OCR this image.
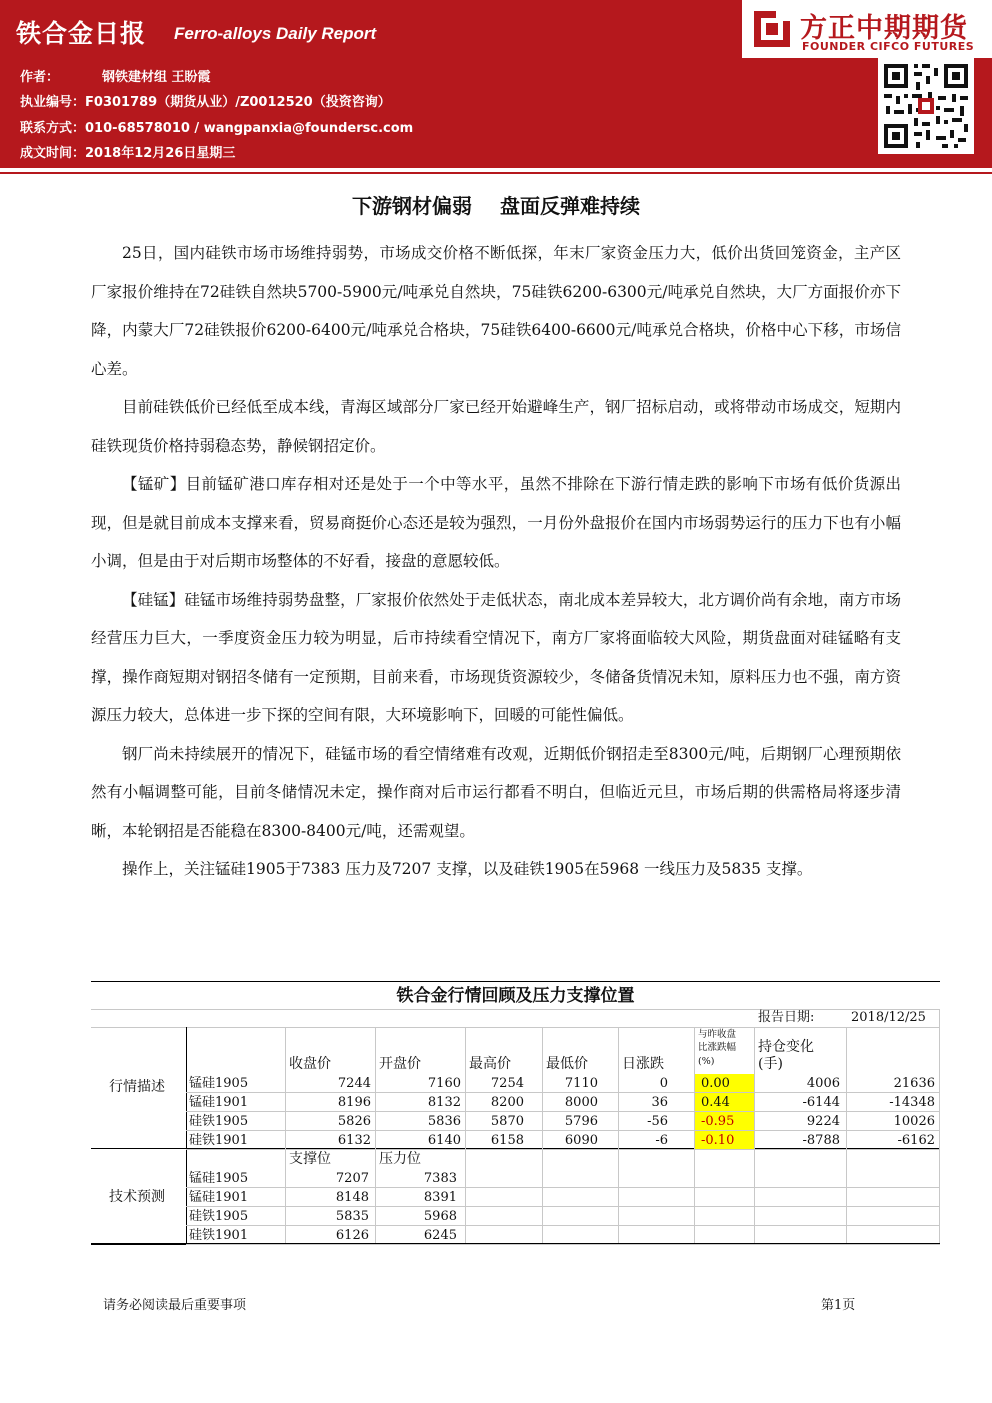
铁合金日报 Ferro-alloys Daily Report
作者：	钢铁建材组 王盼霞
执业编号：F0301789（期货从业）/Z0012520（投资咨询）
联系方式：010-68578010 / wangpanxia@foundersc.com
成文时间：2018年12月26日星期三
方正中期期货
FOUNDER CIFCO FUTURES
下游钢材偏弱 盘面反弹难持续

25日，国内硅铁市场市场维持弱势，市场成交价格不断低探，年末厂家资金压力大，低价出货回笼资金，主产区厂家报价维持在72硅铁自然块5700-5900元/吨承兑自然块，75硅铁6200-6300元/吨承兑自然块，大厂方面报价亦下降，内蒙大厂72硅铁报价6200-6400元/吨承兑合格块，75硅铁6400-6600元/吨承兑合格块，价格中心下移，市场信心差。

目前硅铁低价已经低至成本线，青海区域部分厂家已经开始避峰生产，钢厂招标启动，或将带动市场成交，短期内硅铁现货价格持弱稳态势，静候钢招定价。

【锰矿】目前锰矿港口库存相对还是处于一个中等水平，虽然不排除在下游行情走跌的影响下市场有低价货源出现，但是就目前成本支撑来看，贸易商挺价心态还是较为强烈，一月份外盘报价在国内市场弱势运行的压力下也有小幅小调，但是由于对后期市场整体的不好看，接盘的意愿较低。

【硅锰】硅锰市场维持弱势盘整，厂家报价依然处于走低状态，南北成本差异较大，北方调价尚有余地，南方市场经营压力巨大，一季度资金压力较为明显，后市持续看空情况下，南方厂家将面临较大风险，期货盘面对硅锰略有支撑，操作商短期对钢招冬储有一定预期，目前来看，市场现货资源较少，冬储备货情况未知，原料压力也不强，南方资源压力较大，总体进一步下探的空间有限，大环境影响下，回暖的可能性偏低。

钢厂尚未持续展开的情况下，硅锰市场的看空情绪难有改观，近期低价钢招走至8300元/吨，后期钢厂心理预期依然有小幅调整可能，目前冬储情况未定，操作商对后市运行都看不明白，但临近元旦，市场后期的供需格局将逐步清晰，本轮钢招是否能稳在8300-8400元/吨，还需观望。

操作上，关注锰硅1905于7383 压力及7207 支撑，以及硅铁1905在5968 一线压力及5835 支撑。

铁合金行情回顾及压力支撑位置
报告日期:	2018/12/25
行情描述
技术预测
收盘价	开盘价	最高价	最低价 日涨跌
与昨收盘
比涨跌幅
(%)
持仓变化
(手)
锰硅1905	7244	7160	7254	7110	0	0.00	4006	21636
锰硅1901	8196	8132	8200	8000	36	0.44	-6144	-14348
硅铁1905	5826	5836	5870	5796	-56	-0.95	9224	10026
硅铁1901	6132	6140	6158	6090	-6	-0.10	-8788	-6162
支撑位	压力位
锰硅1905	7207	7383
锰硅1901	8148	8391
硅铁1905	5835	5968
硅铁1901	6126	6245
请务必阅读最后重要事项	第1页
